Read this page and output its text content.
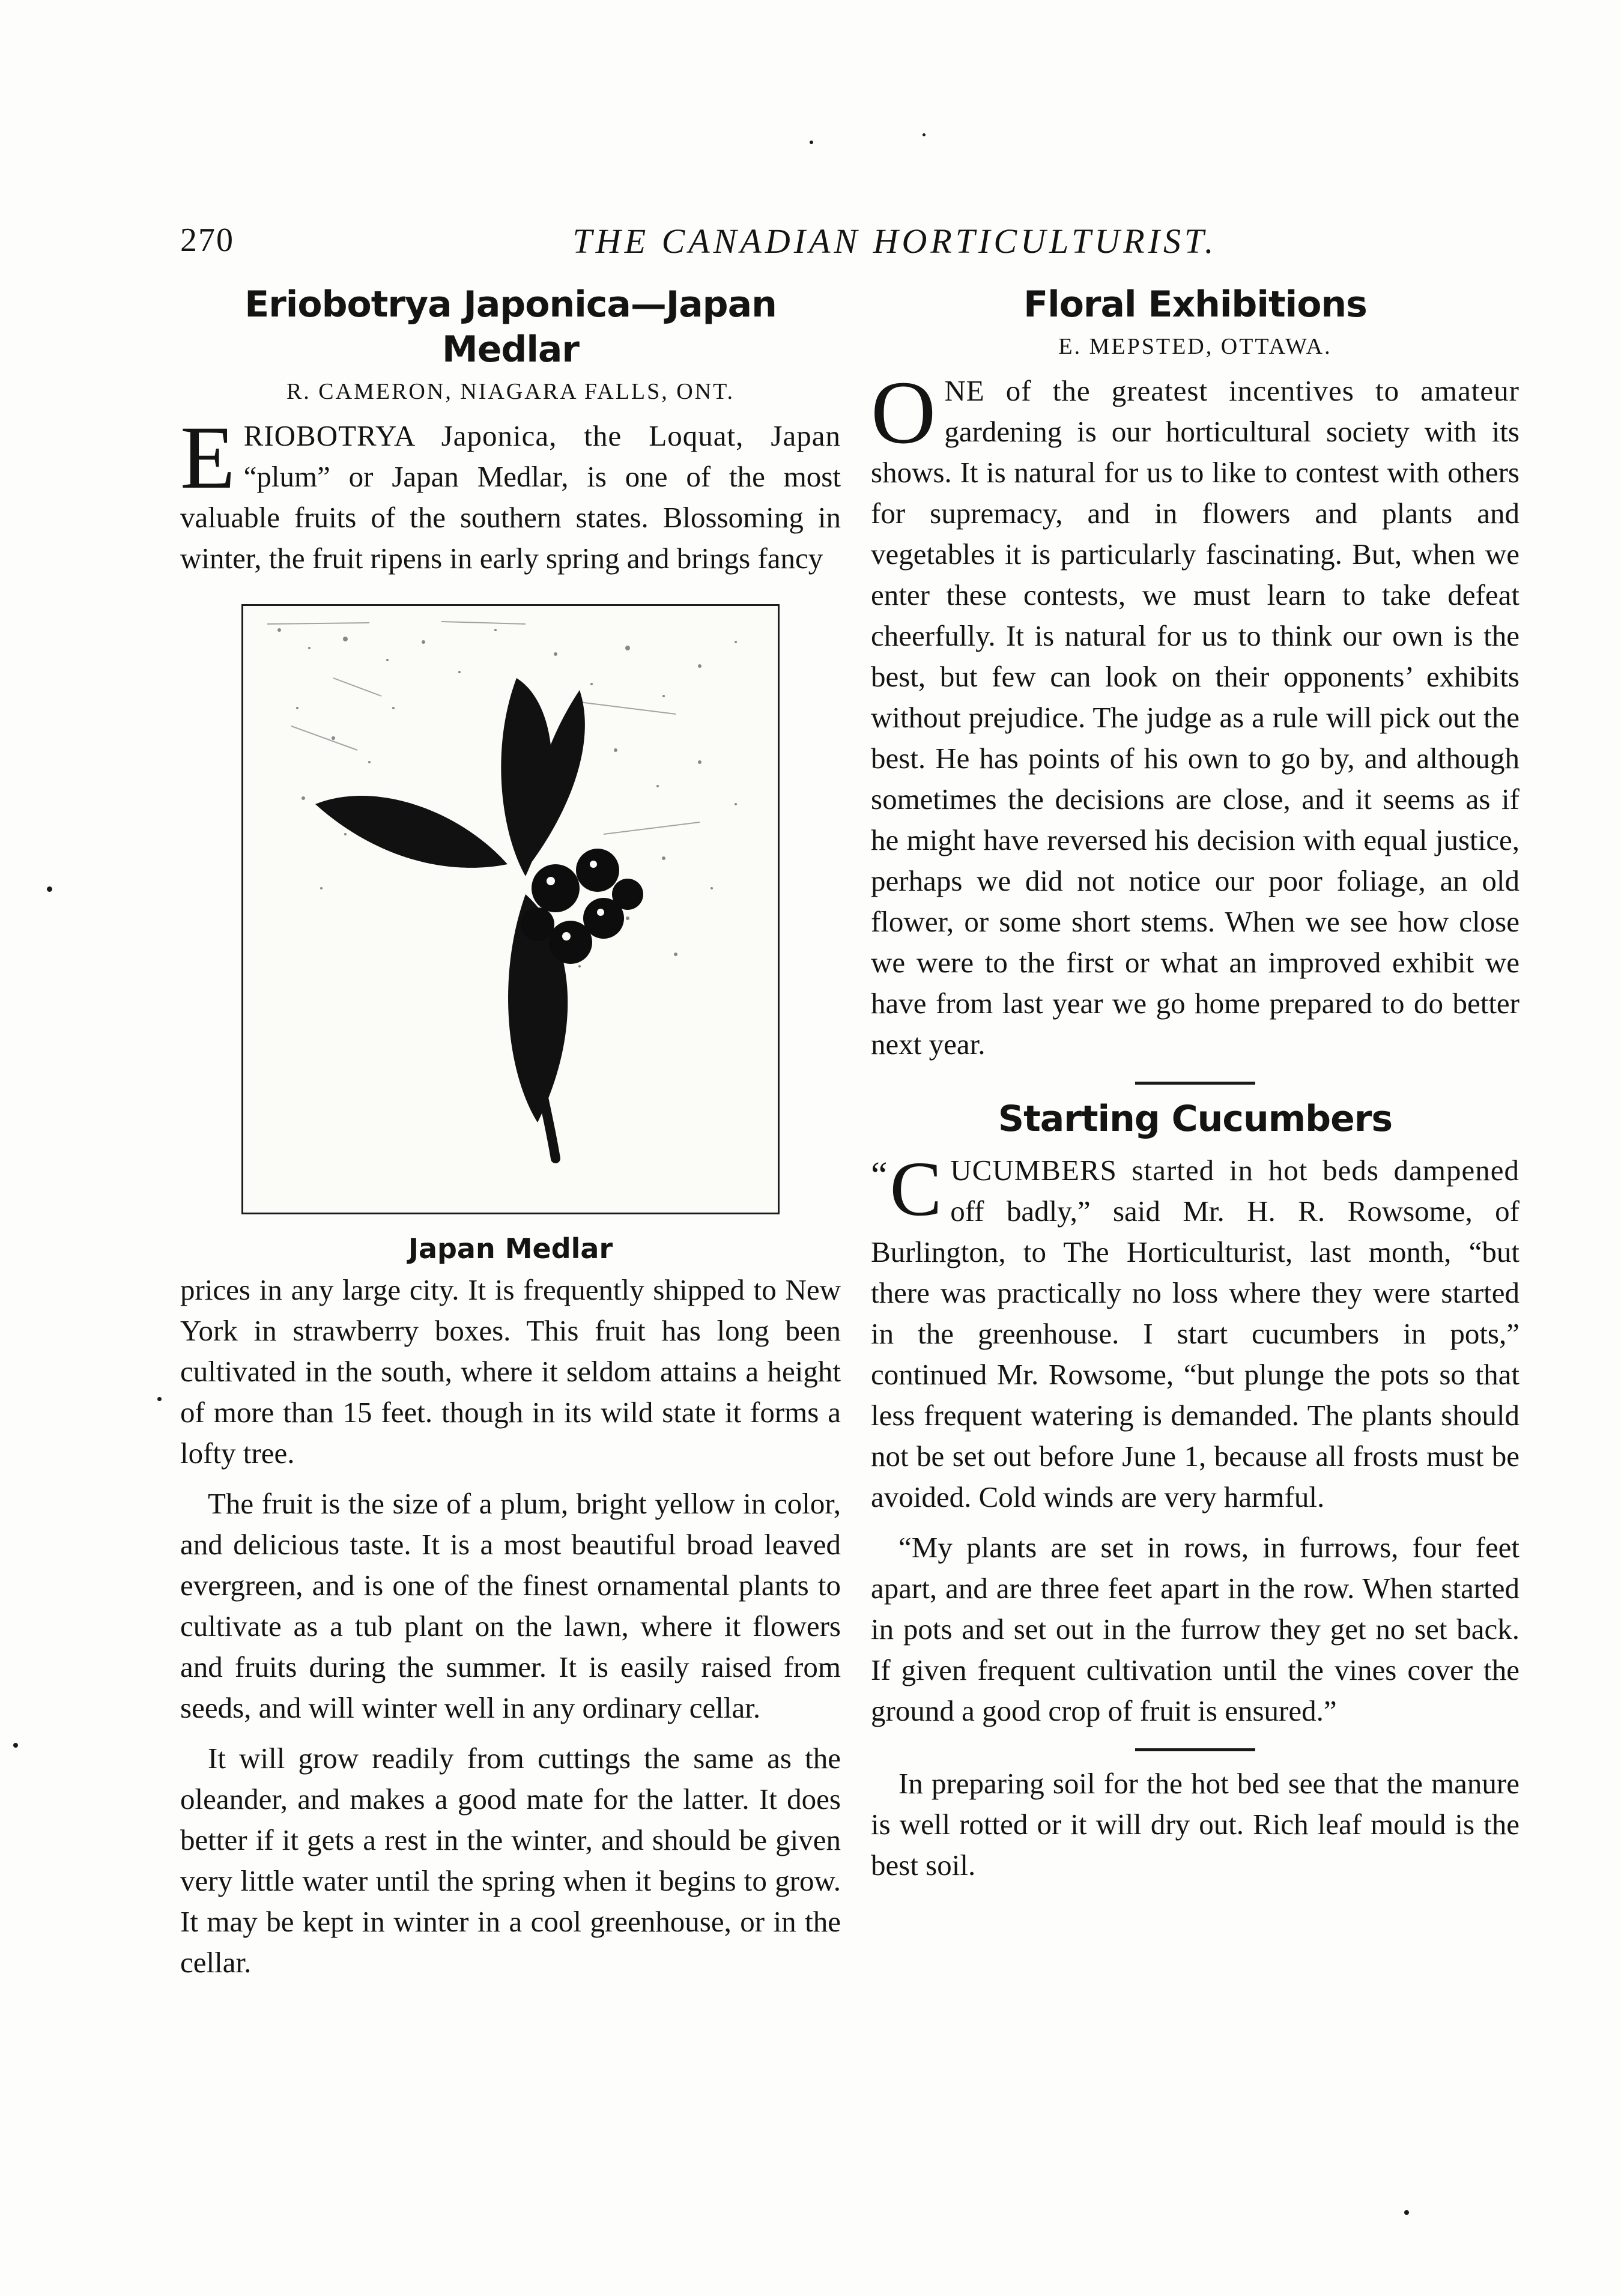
THE CANADIAN HORTICULTURIST.
270
Eriobotrya Japonica—Japan Medlar
R. CAMERON, NIAGARA FALLS, ONT.

ERIOBOTRYA Japonica, the Loquat, Japan “plum” or Japan Medlar, is one of the most valuable fruits of the southern states. Blossoming in winter, the fruit ripens in early spring and brings fancy

Japan Medlar

prices in any large city. It is frequently shipped to New York in strawberry boxes. This fruit has long been cultivated in the south, where it seldom attains a height of more than 15 feet. though in its wild state it forms a lofty tree.

The fruit is the size of a plum, bright yellow in color, and delicious taste. It is a most beautiful broad leaved evergreen, and is one of the finest ornamental plants to cultivate as a tub plant on the lawn, where it flowers and fruits during the summer. It is easily raised from seeds, and will winter well in any ordinary cellar.

It will grow readily from cuttings the same as the oleander, and makes a good mate for the latter. It does better if it gets a rest in the winter, and should be given very little water until the spring when it begins to grow. It may be kept in winter in a cool greenhouse, or in the cellar.

Floral Exhibitions
E. MEPSTED, OTTAWA.

ONE of the greatest incentives to amateur gardening is our horticultural society with its shows. It is natural for us to like to contest with others for supremacy, and in flowers and plants and vegetables it is particularly fascinating. But, when we enter these contests, we must learn to take defeat cheerfully. It is natural for us to think our own is the best, but few can look on their opponents’ exhibits without prejudice. The judge as a rule will pick out the best. He has points of his own to go by, and although sometimes the decisions are close, and it seems as if he might have reversed his decision with equal justice, perhaps we did not notice our poor foliage, an old flower, or some short stems. When we see how close we were to the first or what an improved exhibit we have from last year we go home prepared to do better next year.

Starting Cucumbers

“ C UCUMBERS started in hot beds dampened off badly,” said Mr. H. R. Rowsome, of Burlington, to The Horticulturist, last month, “but there was practically no loss where they were started in the greenhouse. I start cucumbers in pots,” continued Mr. Rowsome, “but plunge the pots so that less frequent watering is demanded. The plants should not be set out before June 1, because all frosts must be avoided. Cold winds are very harmful.

“My plants are set in rows, in furrows, four feet apart, and are three feet apart in the row. When started in pots and set out in the furrow they get no set back. If given frequent cultivation until the vines cover the ground a good crop of fruit is ensured.”

In preparing soil for the hot bed see that the manure is well rotted or it will dry out. Rich leaf mould is the best soil.
